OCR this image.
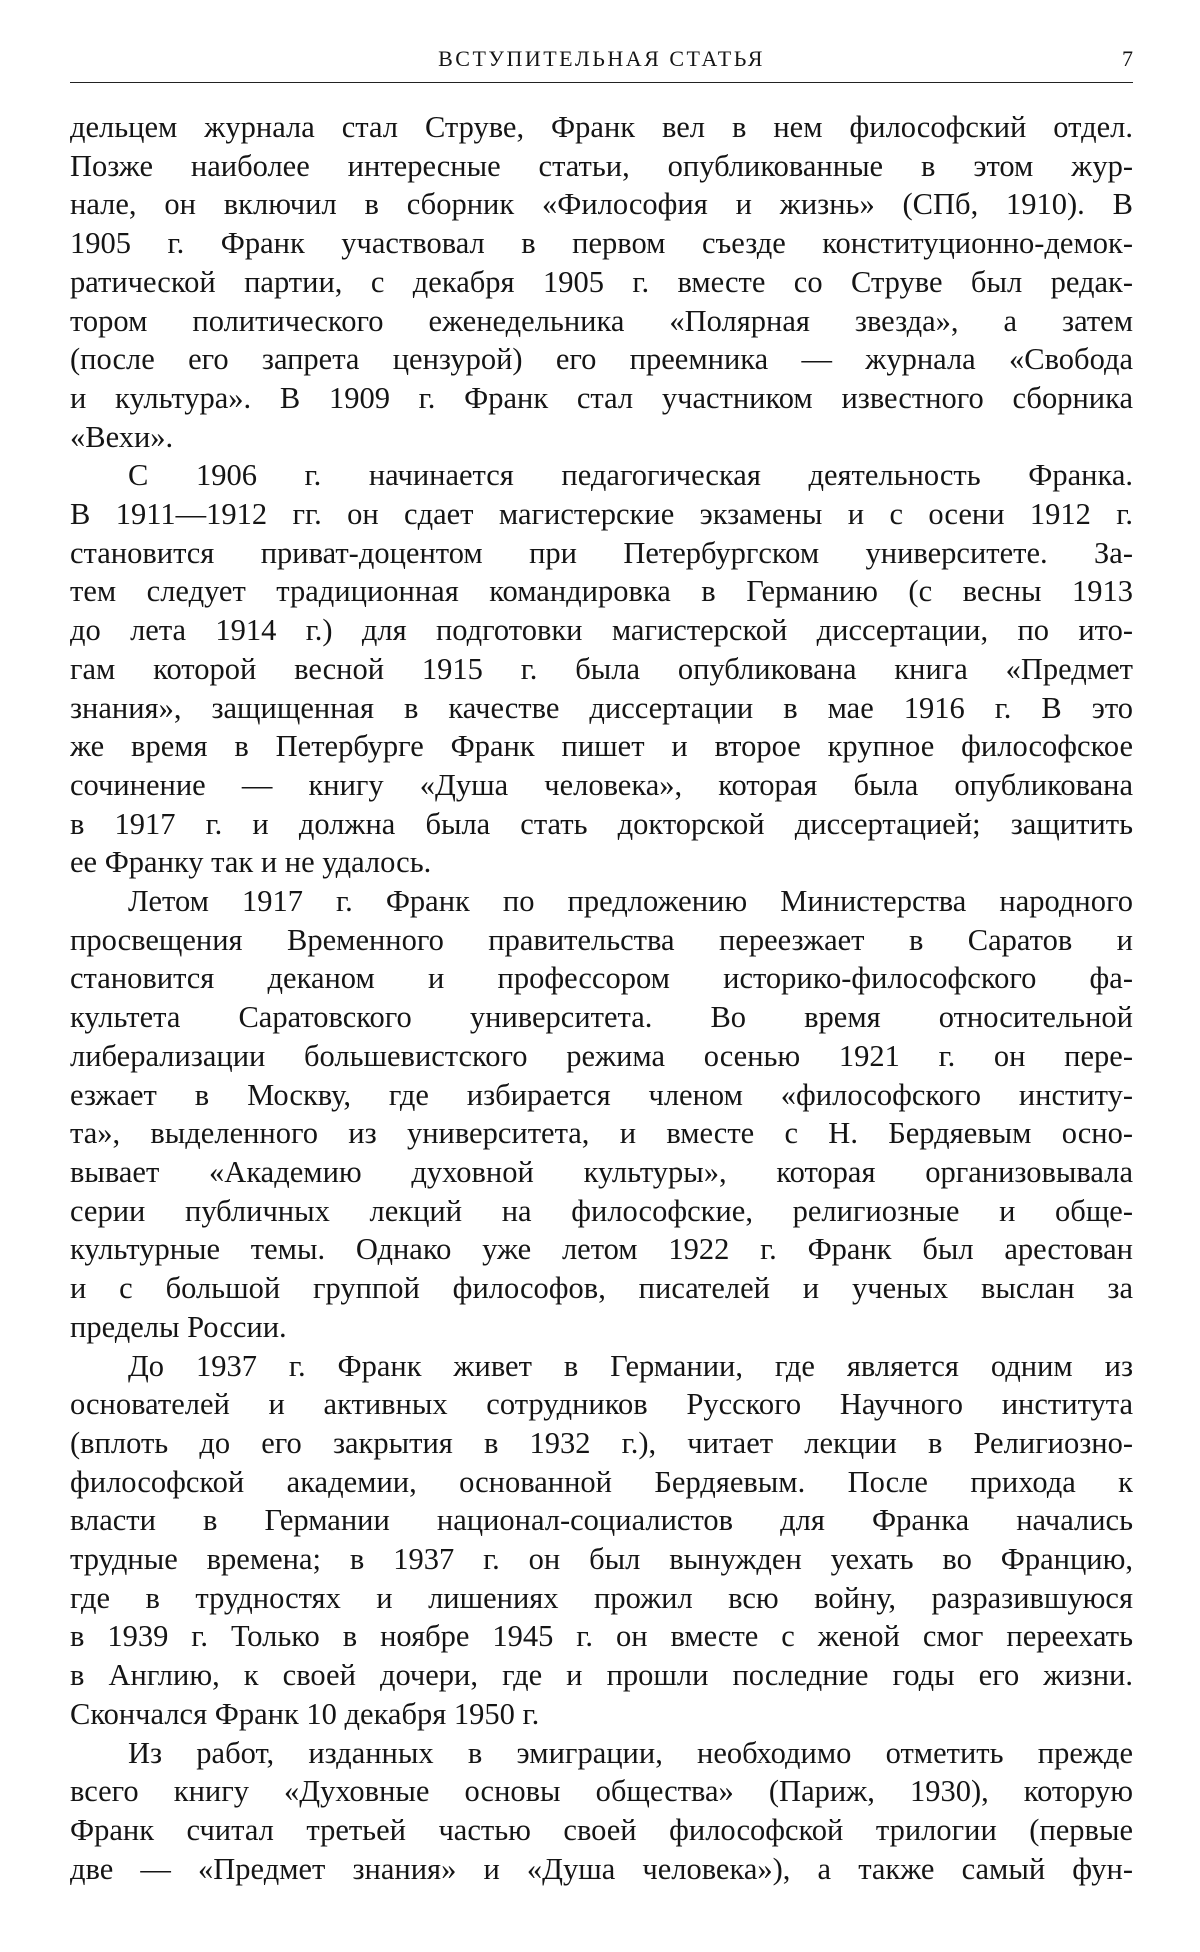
ВСТУПИТЕЛЬНАЯ СТАТЬЯ	7

дельцем журнала стал Струве, Франк вел в нем философский отдел.
Позже наиболее интересные статьи, опубликованные в этом жур-
нале, он включил в сборник «Философия и жизнь» (СПб, 1910). В
1905 г. Франк участвовал в первом съезде конституционно-демок-
ратической партии, с декабря 1905 г. вместе со Струве был редак-
тором политического еженедельника «Полярная звезда», а затем
(после его запрета цензурой) его преемника — журнала «Свобода
и культура». В 1909 г. Франк стал участником известного сборника
«Вехи».

С 1906 г. начинается педагогическая деятельность Франка.
В 1911—1912 гг. он сдает магистерские экзамены и с осени 1912 г.
становится приват-доцентом при Петербургском университете. За-
тем следует традиционная командировка в Германию (с весны 1913
до лета 1914 г.) для подготовки магистерской диссертации, по ито-
гам которой весной 1915 г. была опубликована книга «Предмет
знания», защищенная в качестве диссертации в мае 1916 г. В это
же время в Петербурге Франк пишет и второе крупное философское
сочинение — книгу «Душа человека», которая была опубликована
в 1917 г. и должна была стать докторской диссертацией; защитить
ее Франку так и не удалось.

Летом 1917 г. Франк по предложению Министерства народного
просвещения Временного правительства переезжает в Саратов и
становится деканом и профессором историко-философского фа-
культета Саратовского университета. Во время относительной
либерализации большевистского режима осенью 1921 г. он пере-
езжает в Москву, где избирается членом «философского институ-
та», выделенного из университета, и вместе с Н. Бердяевым осно-
вывает «Академию духовной культуры», которая организовывала
серии публичных лекций на философские, религиозные и обще-
культурные темы. Однако уже летом 1922 г. Франк был арестован
и с большой группой философов, писателей и ученых выслан за
пределы России.

До 1937 г. Франк живет в Германии, где является одним из
основателей и активных сотрудников Русского Научного института
(вплоть до его закрытия в 1932 г.), читает лекции в Религиозно-
философской академии, основанной Бердяевым. После прихода к
власти в Германии национал-социалистов для Франка начались
трудные времена; в 1937 г. он был вынужден уехать во Францию,
где в трудностях и лишениях прожил всю войну, разразившуюся
в 1939 г. Только в ноябре 1945 г. он вместе с женой смог переехать
в Англию, к своей дочери, где и прошли последние годы его жизни.
Скончался Франк 10 декабря 1950 г.

Из работ, изданных в эмиграции, необходимо отметить прежде
всего книгу «Духовные основы общества» (Париж, 1930), которую
Франк считал третьей частью своей философской трилогии (первые
две — «Предмет знания» и «Душа человека»), а также самый фун-
